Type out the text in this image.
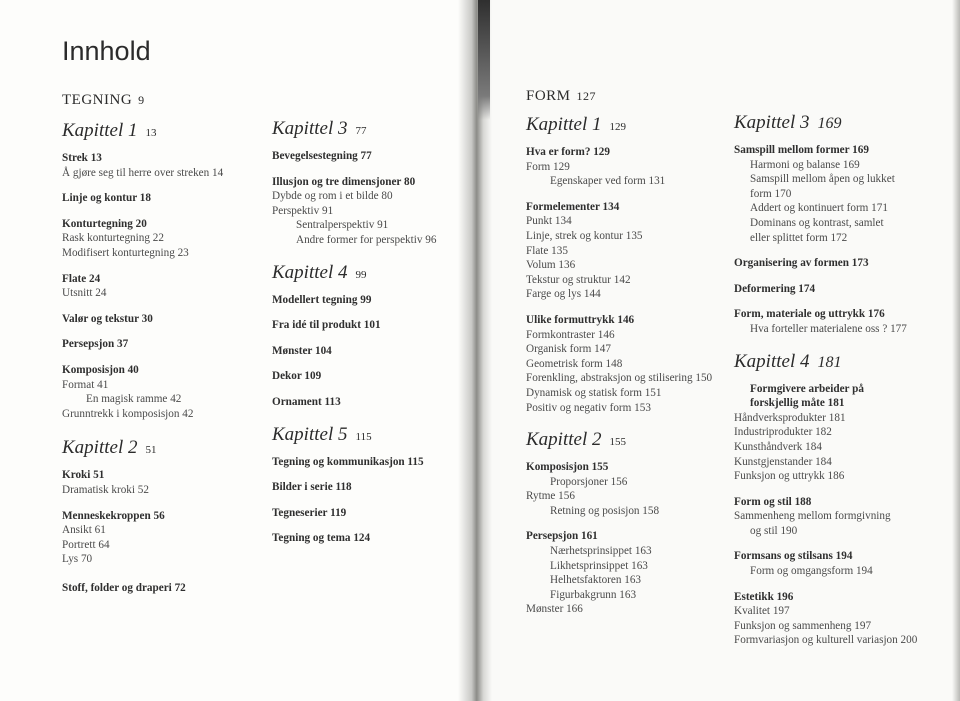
Innhold
TEGNING 9	FORM 127
Kapittel 1 13
Strek 13
Å gjøre seg til herre over streken 14
Linje og kontur 18
Konturtegning 20
Rask konturtegning 22
Modifisert konturtegning 23
Flate 24
Utsnitt 24
Valør og tekstur 30
Persepsjon 37
Komposisjon 40
Format 41
En magisk ramme 42
Grunntrekk i komposisjon 42
Kapittel 2 51
Kroki 51
Dramatisk kroki 52
Menneskekroppen 56
Ansikt 61
Portrett 64
Lys 70
Stoff, folder og draperi 72
Kapittel 3 77
Bevegelsestegning 77
Illusjon og tre dimensjoner 80
Dybde og rom i et bilde 80
Perspektiv 91
Sentralperspektiv 91
Andre former for perspektiv 96
Kapittel 4 99
Modellert tegning 99
Fra idé til produkt 101
Mønster 104
Dekor 109
Ornament 113
Kapittel 5 115
Tegning og kommunikasjon 115
Bilder i serie 118
Tegneserier 119
Tegning og tema 124
Kapittel 1 129
Hva er form? 129
Form 129
Egenskaper ved form 131
Formelementer 134
Punkt 134
Linje, strek og kontur 135
Flate 135
Volum 136
Tekstur og struktur 142
Farge og lys 144
Ulike formuttrykk 146
Formkontraster 146
Organisk form 147
Geometrisk form 148
Forenkling, abstraksjon og stilisering 150
Dynamisk og statisk form 151
Positiv og negativ form 153
Kapittel 2 155
Komposisjon 155
Proporsjoner 156
Rytme 156
Retning og posisjon 158
Persepsjon 161
Nærhetsprinsippet 163
Likhetsprinsippet 163
Helhetsfaktoren 163
Figurbakgrunn 163
Mønster 166
Kapittel 3 169
Samspill mellom former 169
Harmoni og balanse 169
Samspill mellom åpen og lukket
form 170
Addert og kontinuert form 171
Dominans og kontrast, samlet
eller splittet form 172
Organisering av formen 173
Deformering 174
Form, materiale og uttrykk 176
Hva forteller materialene oss ? 177
Kapittel 4 181
Formgivere arbeider på
forskjellig måte 181
Håndverksprodukter 181
Industriprodukter 182
Kunsthåndverk 184
Kunstgjenstander 184
Funksjon og uttrykk 186
Form og stil 188
Sammenheng mellom formgivning
og stil 190
Formsans og stilsans 194
Form og omgangsform 194
Estetikk 196
Kvalitet 197
Funksjon og sammenheng 197
Formvariasjon og kulturell variasjon 200
